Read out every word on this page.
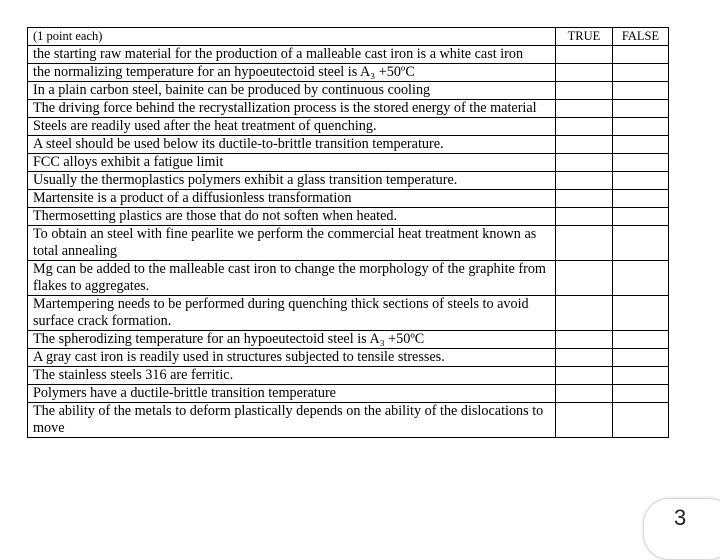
(1 point each)	TRUE	FALSE
the starting raw material for the production of a malleable cast iron is a white cast iron		
the normalizing temperature for an hypoeutectoid steel is A₃ +50ºC		
In a plain carbon steel, bainite can be produced by continuous cooling		
The driving force behind the recrystallization process is the stored energy of the material		
Steels are readily used after the heat treatment of quenching.		
A steel should be used below its ductile-to-brittle transition temperature.		
FCC alloys exhibit a fatigue limit		
Usually the thermoplastics polymers exhibit a glass transition temperature.		
Martensite is a product of a diffusionless transformation		
Thermosetting plastics are those that do not soften when heated.		
To obtain an steel with fine pearlite we perform the commercial heat treatment known as total annealing		
Mg can be added to the malleable cast iron to change the morphology of the graphite from flakes to aggregates.		
Martempering needs to be performed during quenching thick sections of steels to avoid surface crack formation.		
The spherodizing temperature for an hypoeutectoid steel is A₃ +50ºC		
A gray cast iron is readily used in structures subjected to tensile stresses.		
The stainless steels 316 are ferritic.		
Polymers have a ductile-brittle transition temperature		
The ability of the metals to deform plastically depends on the ability of the dislocations to move		
3
